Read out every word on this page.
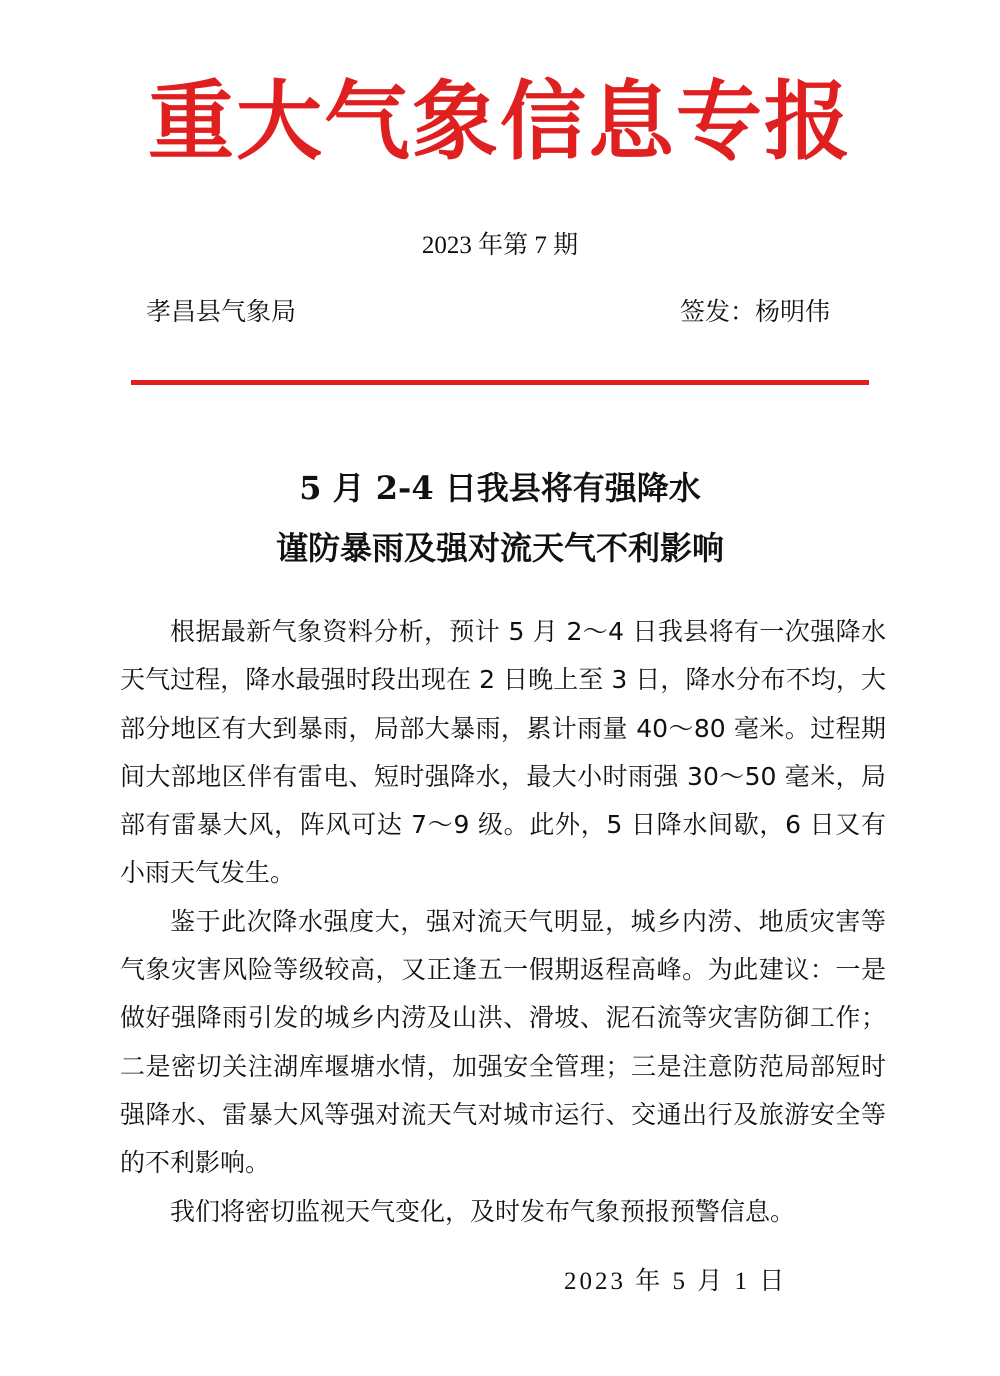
重大气象信息专报
2023 年第 7 期
孝昌县气象局	签发：杨明伟
5 月 2-4 日我县将有强降水
谨防暴雨及强对流天气不利影响

根据最新气象资料分析，预计 5 月 2～4 日我县将有一次强降水天气过程，降水最强时段出现在 2 日晚上至 3 日，降水分布不均，大部分地区有大到暴雨，局部大暴雨，累计雨量 40～80 毫米。过程期间大部地区伴有雷电、短时强降水，最大小时雨强 30～50 毫米，局部有雷暴大风，阵风可达 7～9 级。此外，5 日降水间歇，6 日又有小雨天气发生。

鉴于此次降水强度大，强对流天气明显，城乡内涝、地质灾害等气象灾害风险等级较高，又正逢五一假期返程高峰。为此建议：一是做好强降雨引发的城乡内涝及山洪、滑坡、泥石流等灾害防御工作；二是密切关注湖库堰塘水情，加强安全管理；三是注意防范局部短时强降水、雷暴大风等强对流天气对城市运行、交通出行及旅游安全等的不利影响。

我们将密切监视天气变化，及时发布气象预报预警信息。

2023 年 5 月 1 日
